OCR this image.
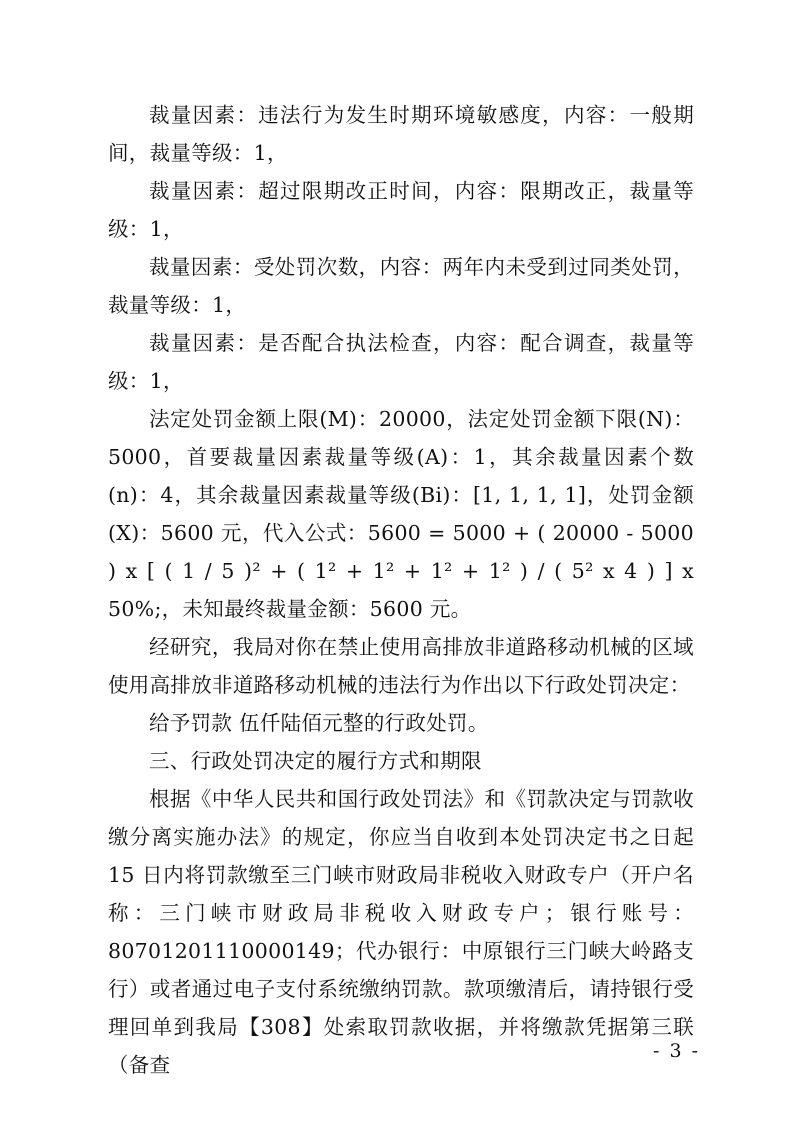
裁量因素：违法行为发生时期环境敏感度，内容：一般期间，裁量等级：1，

裁量因素：超过限期改正时间，内容：限期改正，裁量等级：1，

裁量因素：受处罚次数，内容：两年内未受到过同类处罚，裁量等级：1，

裁量因素：是否配合执法检查，内容：配合调查，裁量等级：1，

法定处罚金额上限(M)：20000，法定处罚金额下限(N)：5000，首要裁量因素裁量等级(A)：1，其余裁量因素个数(n)：4，其余裁量因素裁量等级(Bi)：[1, 1, 1, 1]，处罚金额(X)：5600 元，代入公式：5600 = 5000 + ( 20000 - 5000 ) x [ ( 1 / 5 )² + ( 1² + 1² + 1² + 1² ) / ( 5² x 4 ) ] x 50%;，未知最终裁量金额：5600 元。

经研究，我局对你在禁止使用高排放非道路移动机械的区域使用高排放非道路移动机械的违法行为作出以下行政处罚决定：

给予罚款 伍仟陆佰元整的行政处罚。

三、行政处罚决定的履行方式和期限

根据《中华人民共和国行政处罚法》和《罚款决定与罚款收缴分离实施办法》的规定，你应当自收到本处罚决定书之日起 15 日内将罚款缴至三门峡市财政局非税收入财政专户（开户名称：三门峡市财政局非税收入财政专户；银行账号：80701201110000149；代办银行：中原银行三门峡大岭路支行）或者通过电子支付系统缴纳罚款。款项缴清后，请持银行受理回单到我局【308】处索取罚款收据，并将缴款凭据第三联（备查

- 3 -
